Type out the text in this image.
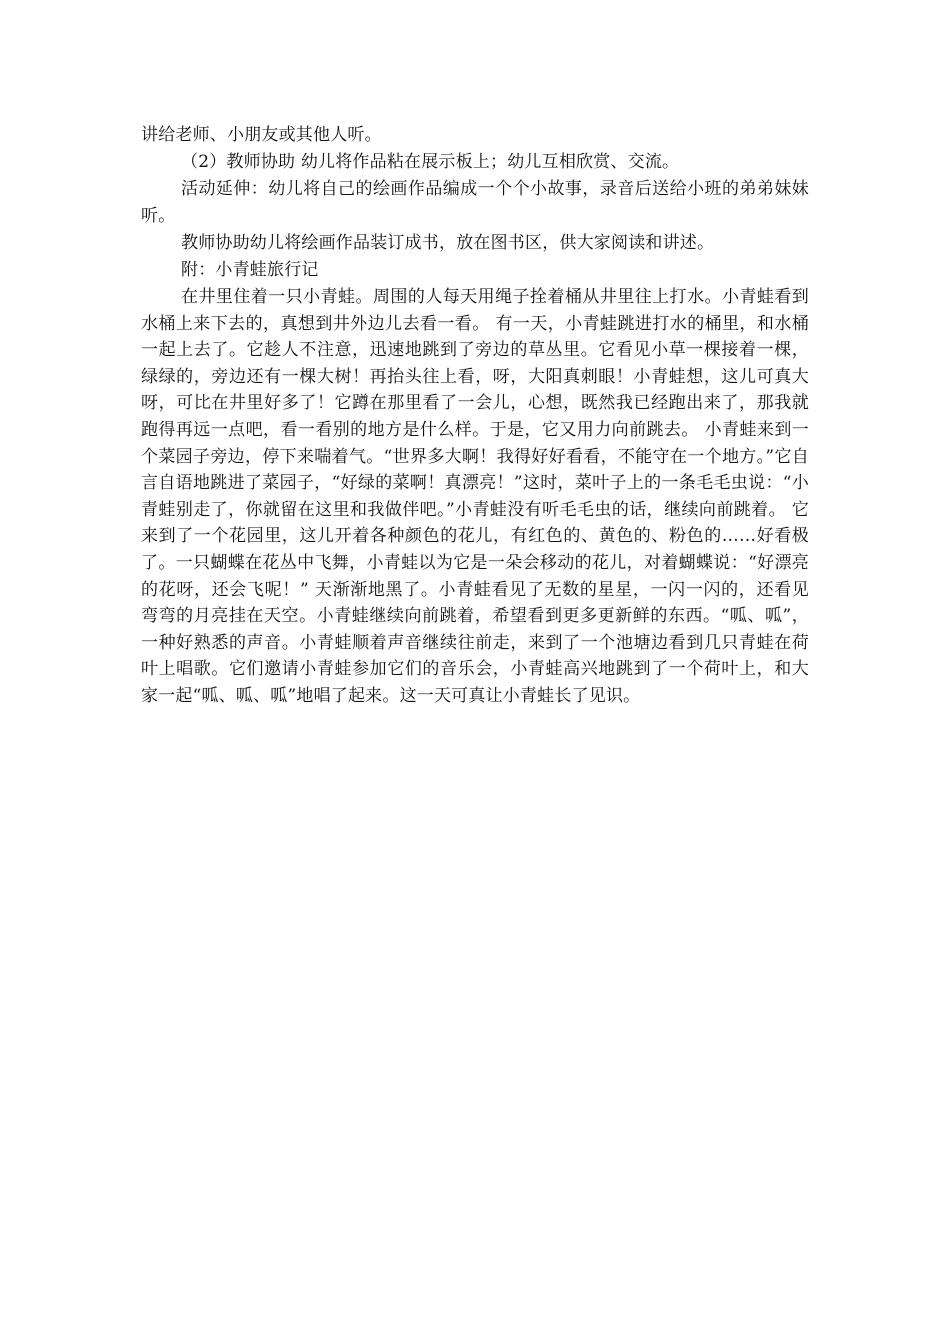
讲给老师、小朋友或其他人听。

（2）教师协助 幼儿将作品粘在展示板上；幼儿互相欣赏、交流。

活动延伸：幼儿将自己的绘画作品编成一个个小故事，录音后送给小班的弟弟妹妹听。

教师协助幼儿将绘画作品装订成书，放在图书区，供大家阅读和讲述。

附：小青蛙旅行记

在井里住着一只小青蛙。周围的人每天用绳子拴着桶从井里往上打水。小青蛙看到水桶上来下去的，真想到井外边儿去看一看。 有一天，小青蛙跳进打水的桶里，和水桶一起上去了。它趁人不注意，迅速地跳到了旁边的草丛里。它看见小草一棵接着一棵，绿绿的，旁边还有一棵大树！再抬头往上看，呀，大阳真刺眼！小青蛙想，这儿可真大呀，可比在井里好多了！它蹲在那里看了一会儿，心想，既然我已经跑出来了，那我就跑得再远一点吧，看一看别的地方是什么样。于是，它又用力向前跳去。 小青蛙来到一个菜园子旁边，停下来喘着气。“世界多大啊！我得好好看看，不能守在一个地方。”它自言自语地跳进了菜园子，“好绿的菜啊！真漂亮！”这时，菜叶子上的一条毛毛虫说：“小青蛙别走了，你就留在这里和我做伴吧。”小青蛙没有听毛毛虫的话，继续向前跳着。 它来到了一个花园里，这儿开着各种颜色的花儿，有红色的、黄色的、粉色的……好看极了。一只蝴蝶在花丛中飞舞，小青蛙以为它是一朵会移动的花儿，对着蝴蝶说：“好漂亮的花呀，还会飞呢！” 天渐渐地黑了。小青蛙看见了无数的星星，一闪一闪的，还看见弯弯的月亮挂在天空。小青蛙继续向前跳着，希望看到更多更新鲜的东西。“呱、呱”，一种好熟悉的声音。小青蛙顺着声音继续往前走，来到了一个池塘边看到几只青蛙在荷叶上唱歌。它们邀请小青蛙参加它们的音乐会，小青蛙高兴地跳到了一个荷叶上，和大家一起“呱、呱、呱”地唱了起来。这一天可真让小青蛙长了见识。
